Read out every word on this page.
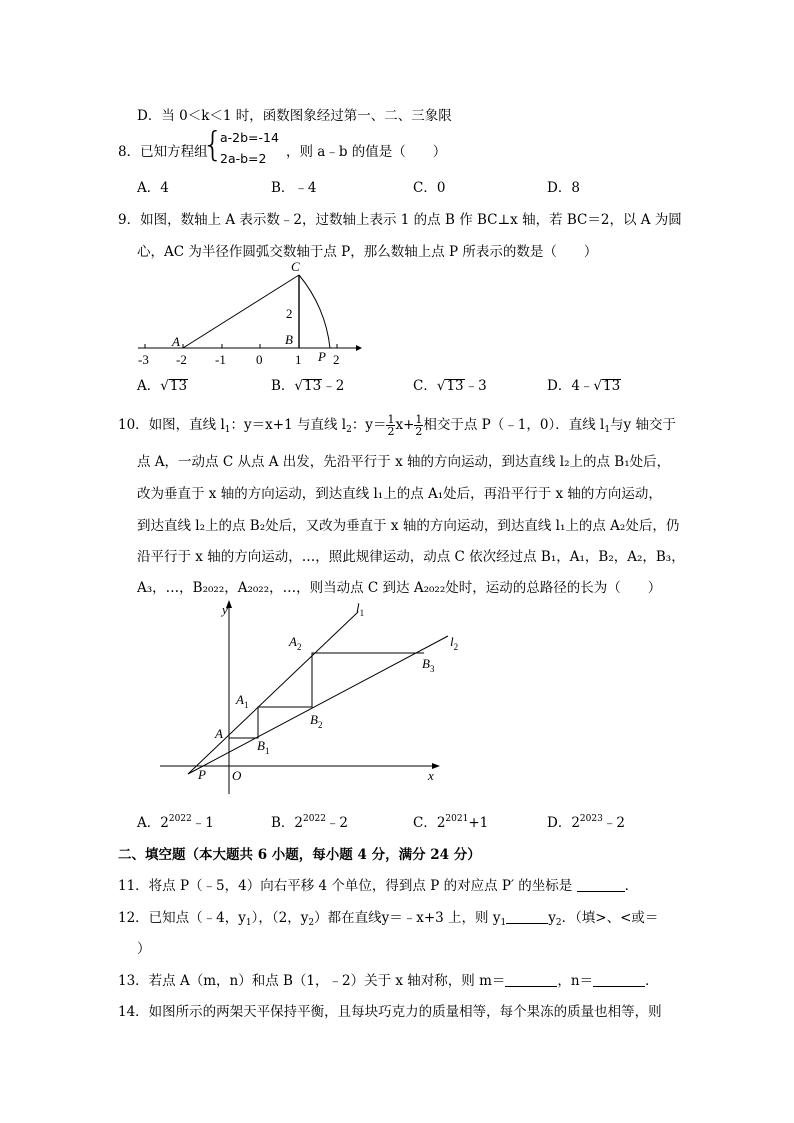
D．当 0＜k＜1 时，函数图象经过第一、二、三象限
8．已知方程组
{
a-2b=-14
2a-b=2 ，则 a﹣b 的值是（　　）
A．4	B．﹣4	C．0	D．8
9．如图，数轴上 A 表示数﹣2，过数轴上表示 1 的点 B 作 BC⊥x 轴，若 BC＝2，以 A 为圆
心，AC 为半径作圆弧交数轴于点 P，那么数轴上点 P 所表示的数是（　　）
-3 -2 -1 0	1 2
A	B
C
P
2
A．√13	B．√13﹣2	C．√13﹣3	D．4﹣√13
10．如图，直线 $l_1$：y＝x+1 与直线 $l_2$：$y= \frac{1}{2} x+ \frac{1}{2}$ 相交于点 P（﹣1，0）．直线 $l_1$与y 轴交于
点 A，一动点 C 从点 A 出发，先沿平行于 x 轴的方向运动，到达直线 l₂上的点 B₁处后，
改为垂直于 x 轴的方向运动，到达直线 l₁上的点 A₁处后，再沿平行于 x 轴的方向运动，
到达直线 l₂上的点 B₂处后，又改为垂直于 x 轴的方向运动，到达直线 l₁上的点 A₂处后，仍
沿平行于 x 轴的方向运动，…，照此规律运动，动点 C 依次经过点 B₁，A₁，B₂，A₂，B₃，
A₃，…，B₂₀₂₂，A₂₀₂₂，…，则当动点 C 到达 A₂₀₂₂处时，运动的总路径的长为（　　）
y
x
O
P
A
$A_1$
$A_2$
$B_1$
$B_2$
$B_3$
$l_1$
$l_2$
A．$2^{2022}﹣1$	B．$2^{2022}﹣2$	C．$2^{2021}+1$	D．$2^{2023}﹣2$
二、填空题（本大题共 6 小题，每小题 4 分，满分 24 分）
11．将点 P（﹣5，4）向右平移 4 个单位，得到点 P 的对应点 P′ 的坐标是	．
12．已知点（﹣4，$y_1$），（2，$y_2$）都在直线y＝﹣x+3 上，则 $y_1$	$y_2$．（填>、<或＝
）
13．若点 A（m，n）和点 B（1，﹣2）关于 x 轴对称，则 m＝	，n＝	．
14．如图所示的两架天平保持平衡，且每块巧克力的质量相等，每个果冻的质量也相等，则
